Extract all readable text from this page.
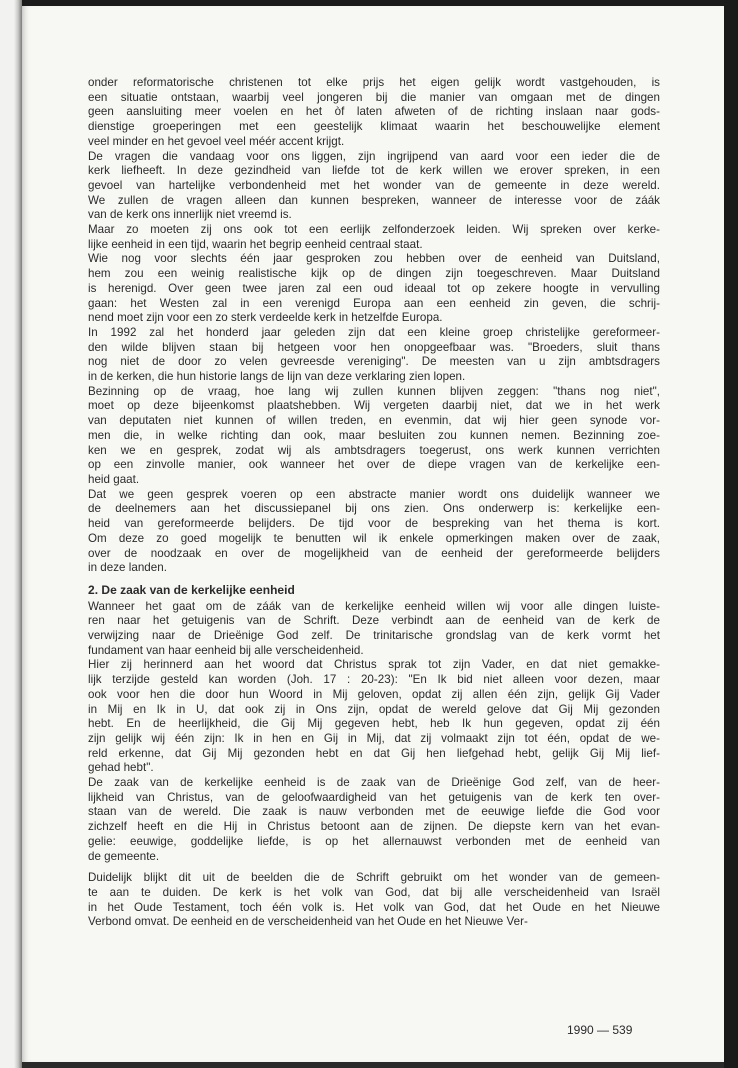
onder reformatorische christenen tot elke prijs het eigen gelijk wordt vastgehouden, is
een situatie ontstaan, waarbij veel jongeren bij die manier van omgaan met de dingen
geen aansluiting meer voelen en het òf laten afweten of de richting inslaan naar gods-
dienstige groeperingen met een geestelijk klimaat waarin het beschouwelijke element
veel minder en het gevoel veel méér accent krijgt.
De vragen die vandaag voor ons liggen, zijn ingrijpend van aard voor een ieder die de
kerk liefheeft. In deze gezindheid van liefde tot de kerk willen we erover spreken, in een
gevoel van hartelijke verbondenheid met het wonder van de gemeente in deze wereld.
We zullen de vragen alleen dan kunnen bespreken, wanneer de interesse voor de záák
van de kerk ons innerlijk niet vreemd is.
Maar zo moeten zij ons ook tot een eerlijk zelfonderzoek leiden. Wij spreken over kerke-
lijke eenheid in een tijd, waarin het begrip eenheid centraal staat.
Wie nog voor slechts één jaar gesproken zou hebben over de eenheid van Duitsland,
hem zou een weinig realistische kijk op de dingen zijn toegeschreven. Maar Duitsland
is herenigd. Over geen twee jaren zal een oud ideaal tot op zekere hoogte in vervulling
gaan: het Westen zal in een verenigd Europa aan een eenheid zin geven, die schrij-
nend moet zijn voor een zo sterk verdeelde kerk in hetzelfde Europa.
In 1992 zal het honderd jaar geleden zijn dat een kleine groep christelijke gereformeer-
den wilde blijven staan bij hetgeen voor hen onopgeefbaar was. "Broeders, sluit thans
nog niet de door zo velen gevreesde vereniging". De meesten van u zijn ambtsdragers
in de kerken, die hun historie langs de lijn van deze verklaring zien lopen.
Bezinning op de vraag, hoe lang wij zullen kunnen blijven zeggen: "thans nog niet",
moet op deze bijeenkomst plaatshebben. Wij vergeten daarbij niet, dat we in het werk
van deputaten niet kunnen of willen treden, en evenmin, dat wij hier geen synode vor-
men die, in welke richting dan ook, maar besluiten zou kunnen nemen. Bezinning zoe-
ken we en gesprek, zodat wij als ambtsdragers toegerust, ons werk kunnen verrichten
op een zinvolle manier, ook wanneer het over de diepe vragen van de kerkelijke een-
heid gaat.
Dat we geen gesprek voeren op een abstracte manier wordt ons duidelijk wanneer we
de deelnemers aan het discussiepanel bij ons zien. Ons onderwerp is: kerkelijke een-
heid van gereformeerde belijders. De tijd voor de bespreking van het thema is kort.
Om deze zo goed mogelijk te benutten wil ik enkele opmerkingen maken over de zaak,
over de noodzaak en over de mogelijkheid van de eenheid der gereformeerde belijders
in deze landen.
2. De zaak van de kerkelijke eenheid
Wanneer het gaat om de záák van de kerkelijke eenheid willen wij voor alle dingen luiste-
ren naar het getuigenis van de Schrift. Deze verbindt aan de eenheid van de kerk de
verwijzing naar de Drieënige God zelf. De trinitarische grondslag van de kerk vormt het
fundament van haar eenheid bij alle verscheidenheid.
Hier zij herinnerd aan het woord dat Christus sprak tot zijn Vader, en dat niet gemakke-
lijk terzijde gesteld kan worden (Joh. 17 : 20-23): "En Ik bid niet alleen voor dezen, maar
ook voor hen die door hun Woord in Mij geloven, opdat zij allen één zijn, gelijk Gij Vader
in Mij en Ik in U, dat ook zij in Ons zijn, opdat de wereld gelove dat Gij Mij gezonden
hebt. En de heerlijkheid, die Gij Mij gegeven hebt, heb Ik hun gegeven, opdat zij één
zijn gelijk wij één zijn: Ik in hen en Gij in Mij, dat zij volmaakt zijn tot één, opdat de we-
reld erkenne, dat Gij Mij gezonden hebt en dat Gij hen liefgehad hebt, gelijk Gij Mij lief-
gehad hebt".
De zaak van de kerkelijke eenheid is de zaak van de Drieënige God zelf, van de heer-
lijkheid van Christus, van de geloofwaardigheid van het getuigenis van de kerk ten over-
staan van de wereld. Die zaak is nauw verbonden met de eeuwige liefde die God voor
zichzelf heeft en die Hij in Christus betoont aan de zijnen. De diepste kern van het evan-
gelie: eeuwige, goddelijke liefde, is op het allernauwst verbonden met de eenheid van
de gemeente.
Duidelijk blijkt dit uit de beelden die de Schrift gebruikt om het wonder van de gemeen-
te aan te duiden. De kerk is het volk van God, dat bij alle verscheidenheid van Israël
in het Oude Testament, toch één volk is. Het volk van God, dat het Oude en het Nieuwe
Verbond omvat. De eenheid en de verscheidenheid van het Oude en het Nieuwe Ver-
1990 — 539
